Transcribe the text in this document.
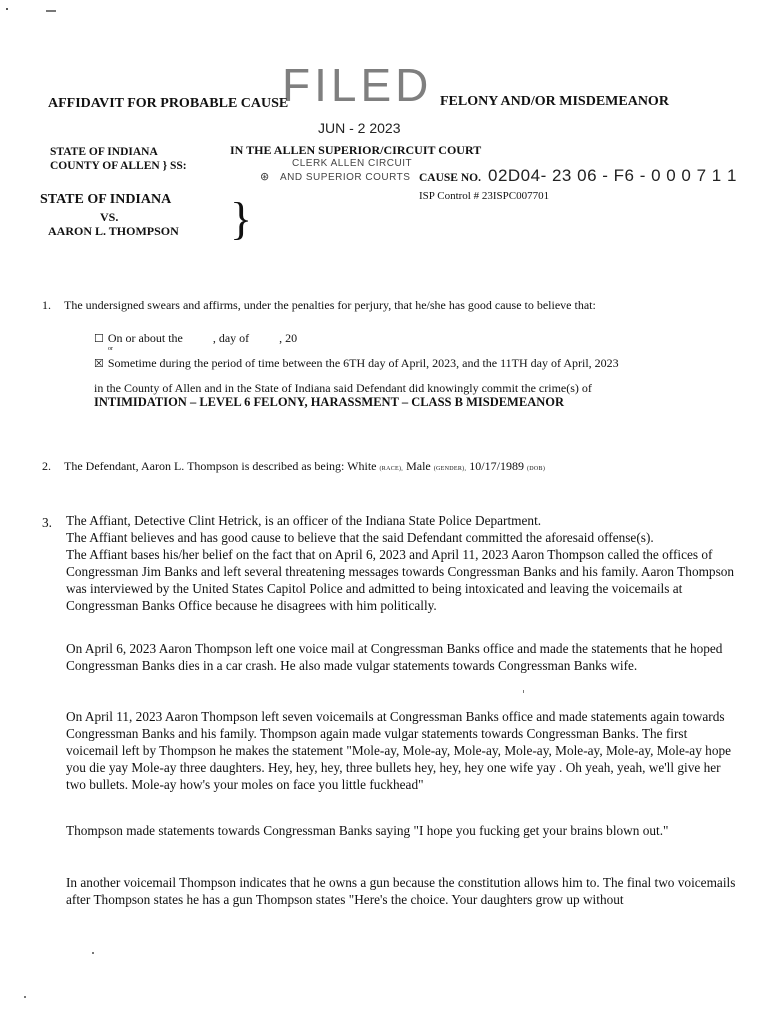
AFFIDAVIT FOR PROBABLE CAUSE	FELONY AND/OR MISDEMEANOR
FILED
JUN - 2 2023
CLERK ALLEN CIRCUIT
⊛ AND SUPERIOR COURTS
STATE OF INDIANA
COUNTY OF ALLEN } SS:
IN THE ALLEN SUPERIOR/CIRCUIT COURT
CAUSE NO. 02D04- 23 06 - F6 - 0 0 0 7 1 1
ISP Control # 23ISPC007701
STATE OF INDIANA
VS.
AARON L. THOMPSON }
1. The undersigned swears and affirms, under the penalties for perjury, that he/she has good cause to believe that:
☐ On or about the          , day of          , 20
or
☒ Sometime during the period of time between the 6TH day of April, 2023, and the 11TH day of April, 2023
in the County of Allen and in the State of Indiana said Defendant did knowingly commit the crime(s) of
INTIMIDATION – LEVEL 6 FELONY, HARASSMENT – CLASS B MISDEMEANOR
2. The Defendant, Aaron L. Thompson is described as being: White (RACE), Male (GENDER), 10/17/1989 (DOB)
3. The Affiant, Detective Clint Hetrick, is an officer of the Indiana State Police Department.
The Affiant believes and has good cause to believe that the said Defendant committed the aforesaid offense(s).
The Affiant bases his/her belief on the fact that on April 6, 2023 and April 11, 2023 Aaron Thompson called the offices of Congressman Jim Banks and left several threatening messages towards Congressman Banks and his family. Aaron Thompson was interviewed by the United States Capitol Police and admitted to being intoxicated and leaving the voicemails at Congressman Banks Office because he disagrees with him politically.
On April 6, 2023 Aaron Thompson left one voice mail at Congressman Banks office and made the statements that he hoped Congressman Banks dies in a car crash. He also made vulgar statements towards Congressman Banks wife.
On April 11, 2023 Aaron Thompson left seven voicemails at Congressman Banks office and made statements again towards Congressman Banks and his family. Thompson again made vulgar statements towards Congressman Banks. The first voicemail left by Thompson he makes the statement "Mole-ay, Mole-ay, Mole-ay, Mole-ay, Mole-ay, Mole-ay, Mole-ay hope you die yay Mole-ay three daughters. Hey, hey, hey, three bullets hey, hey, hey one wife yay . Oh yeah, yeah, we'll give her two bullets. Mole-ay how's your moles on face you little fuckhead"
Thompson made statements towards Congressman Banks saying "I hope you fucking get your brains blown out."
In another voicemail Thompson indicates that he owns a gun because the constitution allows him to. The final two voicemails after Thompson states he has a gun Thompson states "Here's the choice. Your daughters grow up without
